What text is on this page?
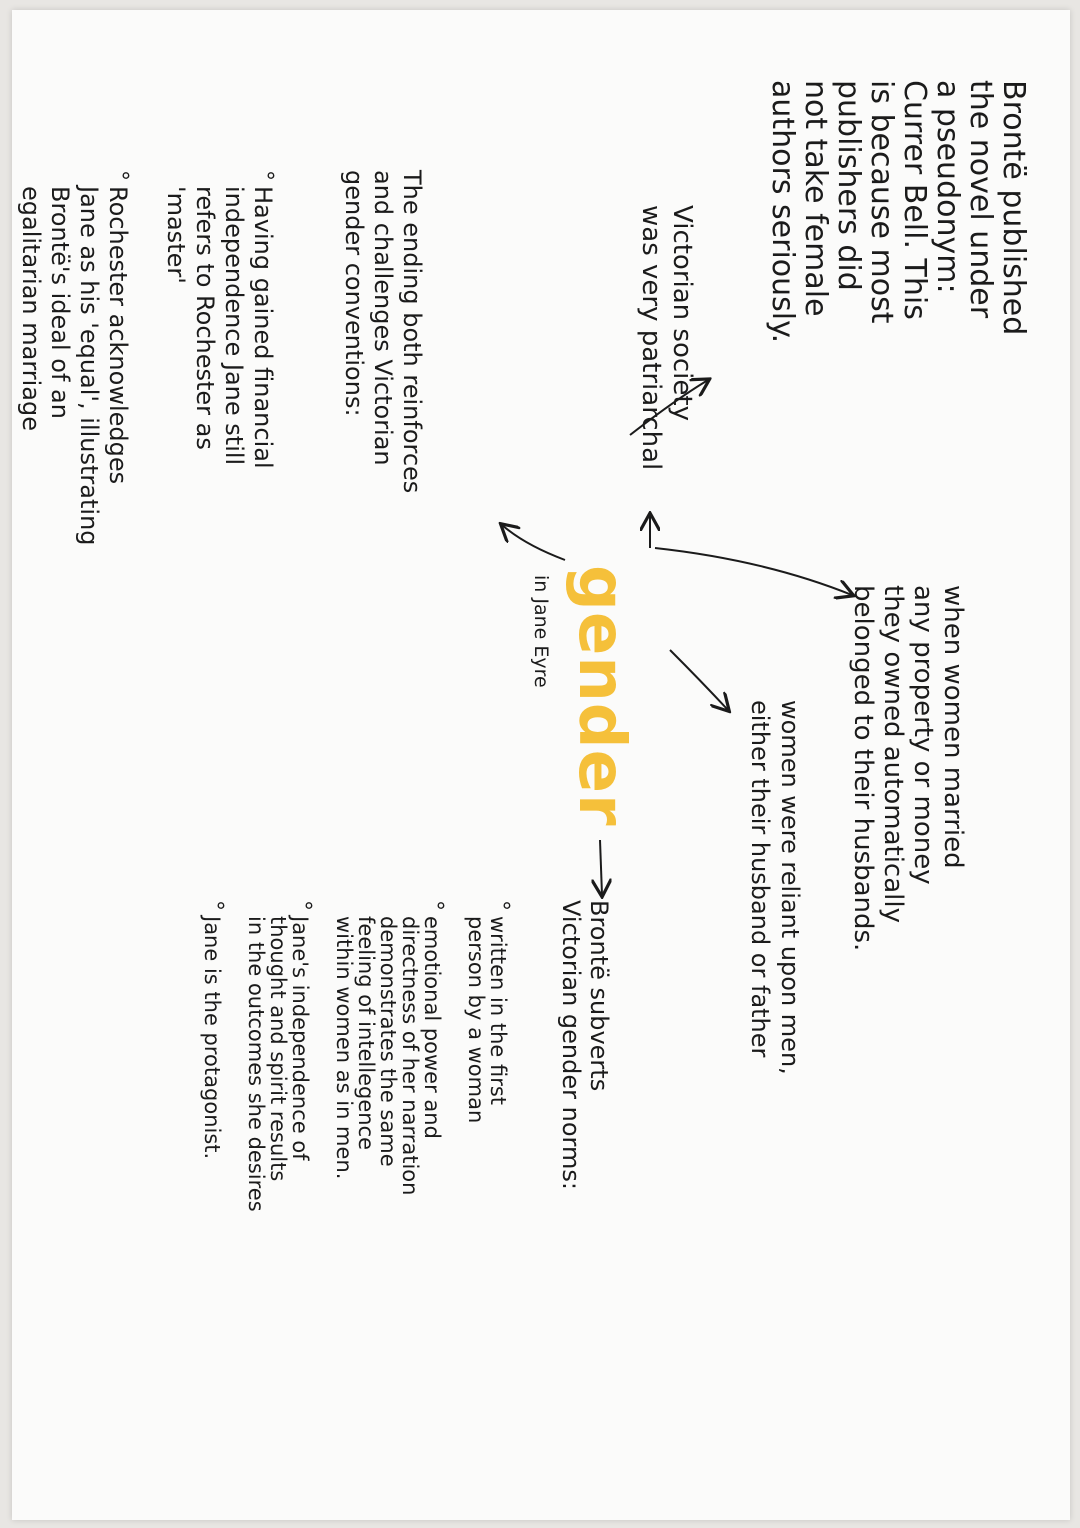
Brontë published
the novel under
a pseudonym:
Currer Bell. This
is because most
publishers did
not take female
authors seriously.
Victorian society
was very patriarchal
when women married
any property or money
they owned automatically
belonged to their husbands.
women were reliant upon men,
either their husband or father
gender
in Jane Eyre

The ending both reinforces
and challenges Victorian
gender conventions:

° Having gained financial
independence Jane still
refers to Rochester as
'master'

° Rochester acknowledges
Jane as his 'equal', illustrating
Brontë's ideal of an
egalitarian marriage

Brontë subverts
Victorian gender norms:

° written in the first
person by a woman

° emotional power and
directness of her narration
demonstrates the same
feeling of intellegence
within women as in men.

° Jane's independence of
thought and spirit results
in the outcomes she desires

° Jane is the protagonist.
